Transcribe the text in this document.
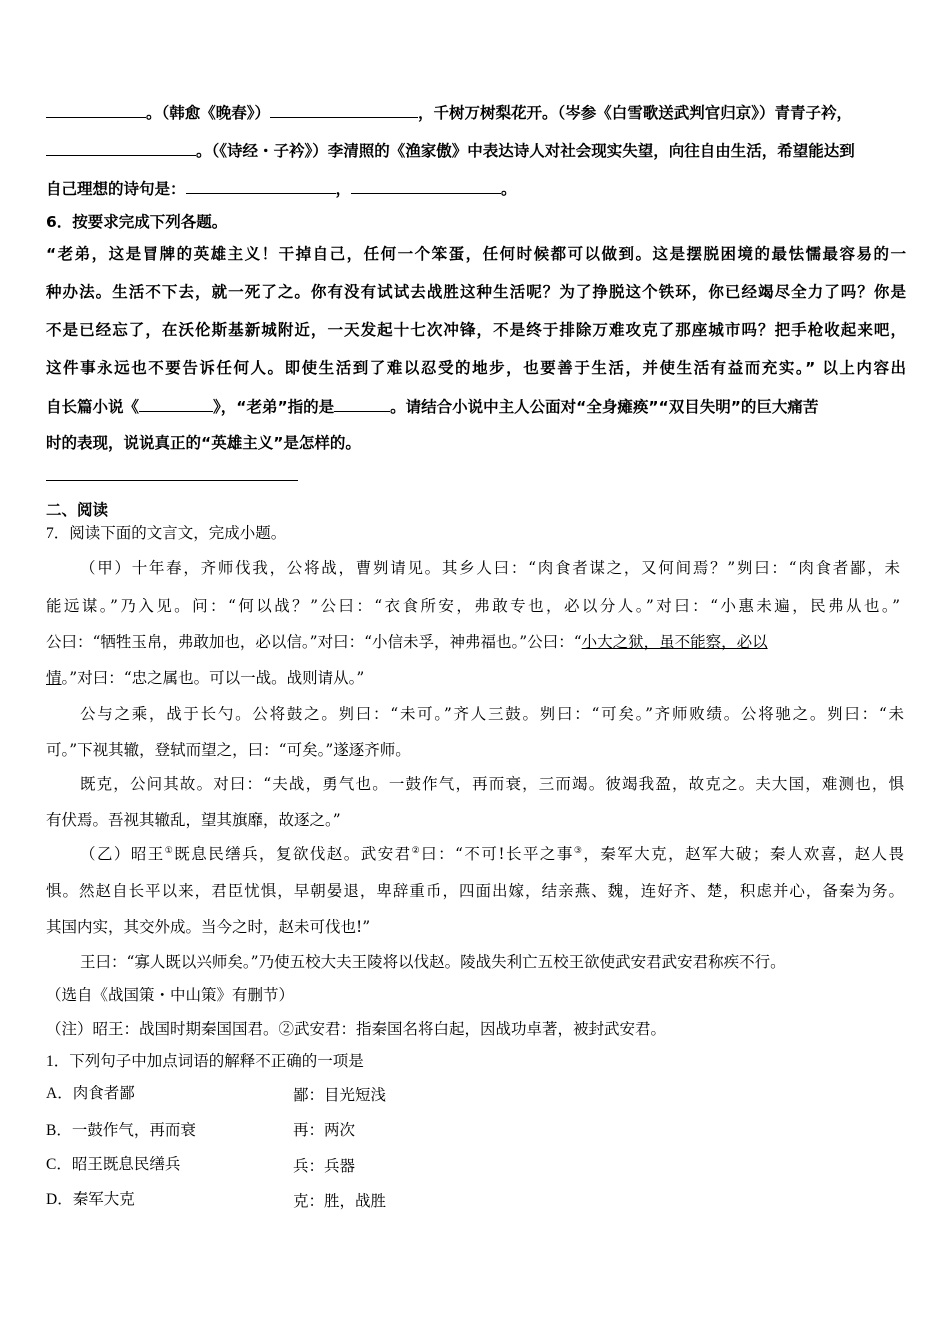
。（韩愈《晚春》）	，千树万树梨花开。（岑参《白雪歌送武判官归京》）青青子衿，
。（《诗经・子衿》）李清照的《渔家傲》中表达诗人对社会现实失望，向往自由生活，希望能达到
自己理想的诗句是：	，	。
6．按要求完成下列各题。
“老弟，这是冒牌的英雄主义！干掉自己，任何一个笨蛋，任何时候都可以做到。这是摆脱困境的最怯懦最容易的一
种办法。生活不下去，就一死了之。你有没有试试去战胜这种生活呢？为了挣脱这个铁环，你已经竭尽全力了吗？你是
不是已经忘了，在沃伦斯基新城附近，一天发起十七次冲锋，不是终于排除万难攻克了那座城市吗？把手枪收起来吧，
这件事永远也不要告诉任何人。即使生活到了难以忍受的地步，也要善于生活，并使生活有益而充实。” 以上内容出
自长篇小说《	》，“老弟”指的是	。请结合小说中主人公面对“全身瘫痪”“双目失明”的巨大痛苦
时的表现，说说真正的“英雄主义”是怎样的。
二、阅读
7．阅读下面的文言文，完成小题。
（甲）十年春，齐师伐我，公将战，曹刿请见。其乡人曰：“肉食者谋之，又何间焉？”刿曰：“肉食者鄙，未
能远谋。”乃入见。问：“何以战？”公曰：“衣食所安，弗敢专也，必以分人。”对曰：“小惠未遍，民弗从也。”
公曰：“牺牲玉帛，弗敢加也，必以信。”对曰：“小信未孚，神弗福也。”公曰：“小大之狱，虽不能察，必以
情。”对曰：“忠之属也。可以一战。战则请从。”
公与之乘，战于长勺。公将鼓之。刿曰：“未可。”齐人三鼓。刿曰：“可矣。”齐师败绩。公将驰之。刿曰：“未
可。”下视其辙，登轼而望之，曰：“可矣。”遂逐齐师。
既克，公问其故。对曰：“夫战，勇气也。一鼓作气，再而衰，三而竭。彼竭我盈，故克之。夫大国，难测也，惧
有伏焉。吾视其辙乱，望其旗靡，故逐之。”
（乙）昭王①既息民缮兵，复欲伐赵。武安君②曰：“不可!长平之事③，秦军大克，赵军大破；秦人欢喜，赵人畏
惧。然赵自长平以来，君臣忧惧，早朝晏退，卑辞重币，四面出嫁，结亲燕、魏，连好齐、楚，积虑并心，备秦为务。
其国内实，其交外成。当今之时，赵未可伐也!”
王曰：“寡人既以兴师矣。”乃使五校大夫王陵将以伐赵。陵战失利亡五校王欲使武安君武安君称疾不行。
（选自《战国策・中山策》有删节）
（注）昭王：战国时期秦国国君。②武安君：指秦国名将白起，因战功卓著，被封武安君。
1．下列句子中加点词语的解释不正确的一项是
A．肉食者鄙	鄙：目光短浅
B．一鼓作气，再而衰	再：两次
C．昭王既息民缮兵	兵：兵器
D．秦军大克	克：胜，战胜
